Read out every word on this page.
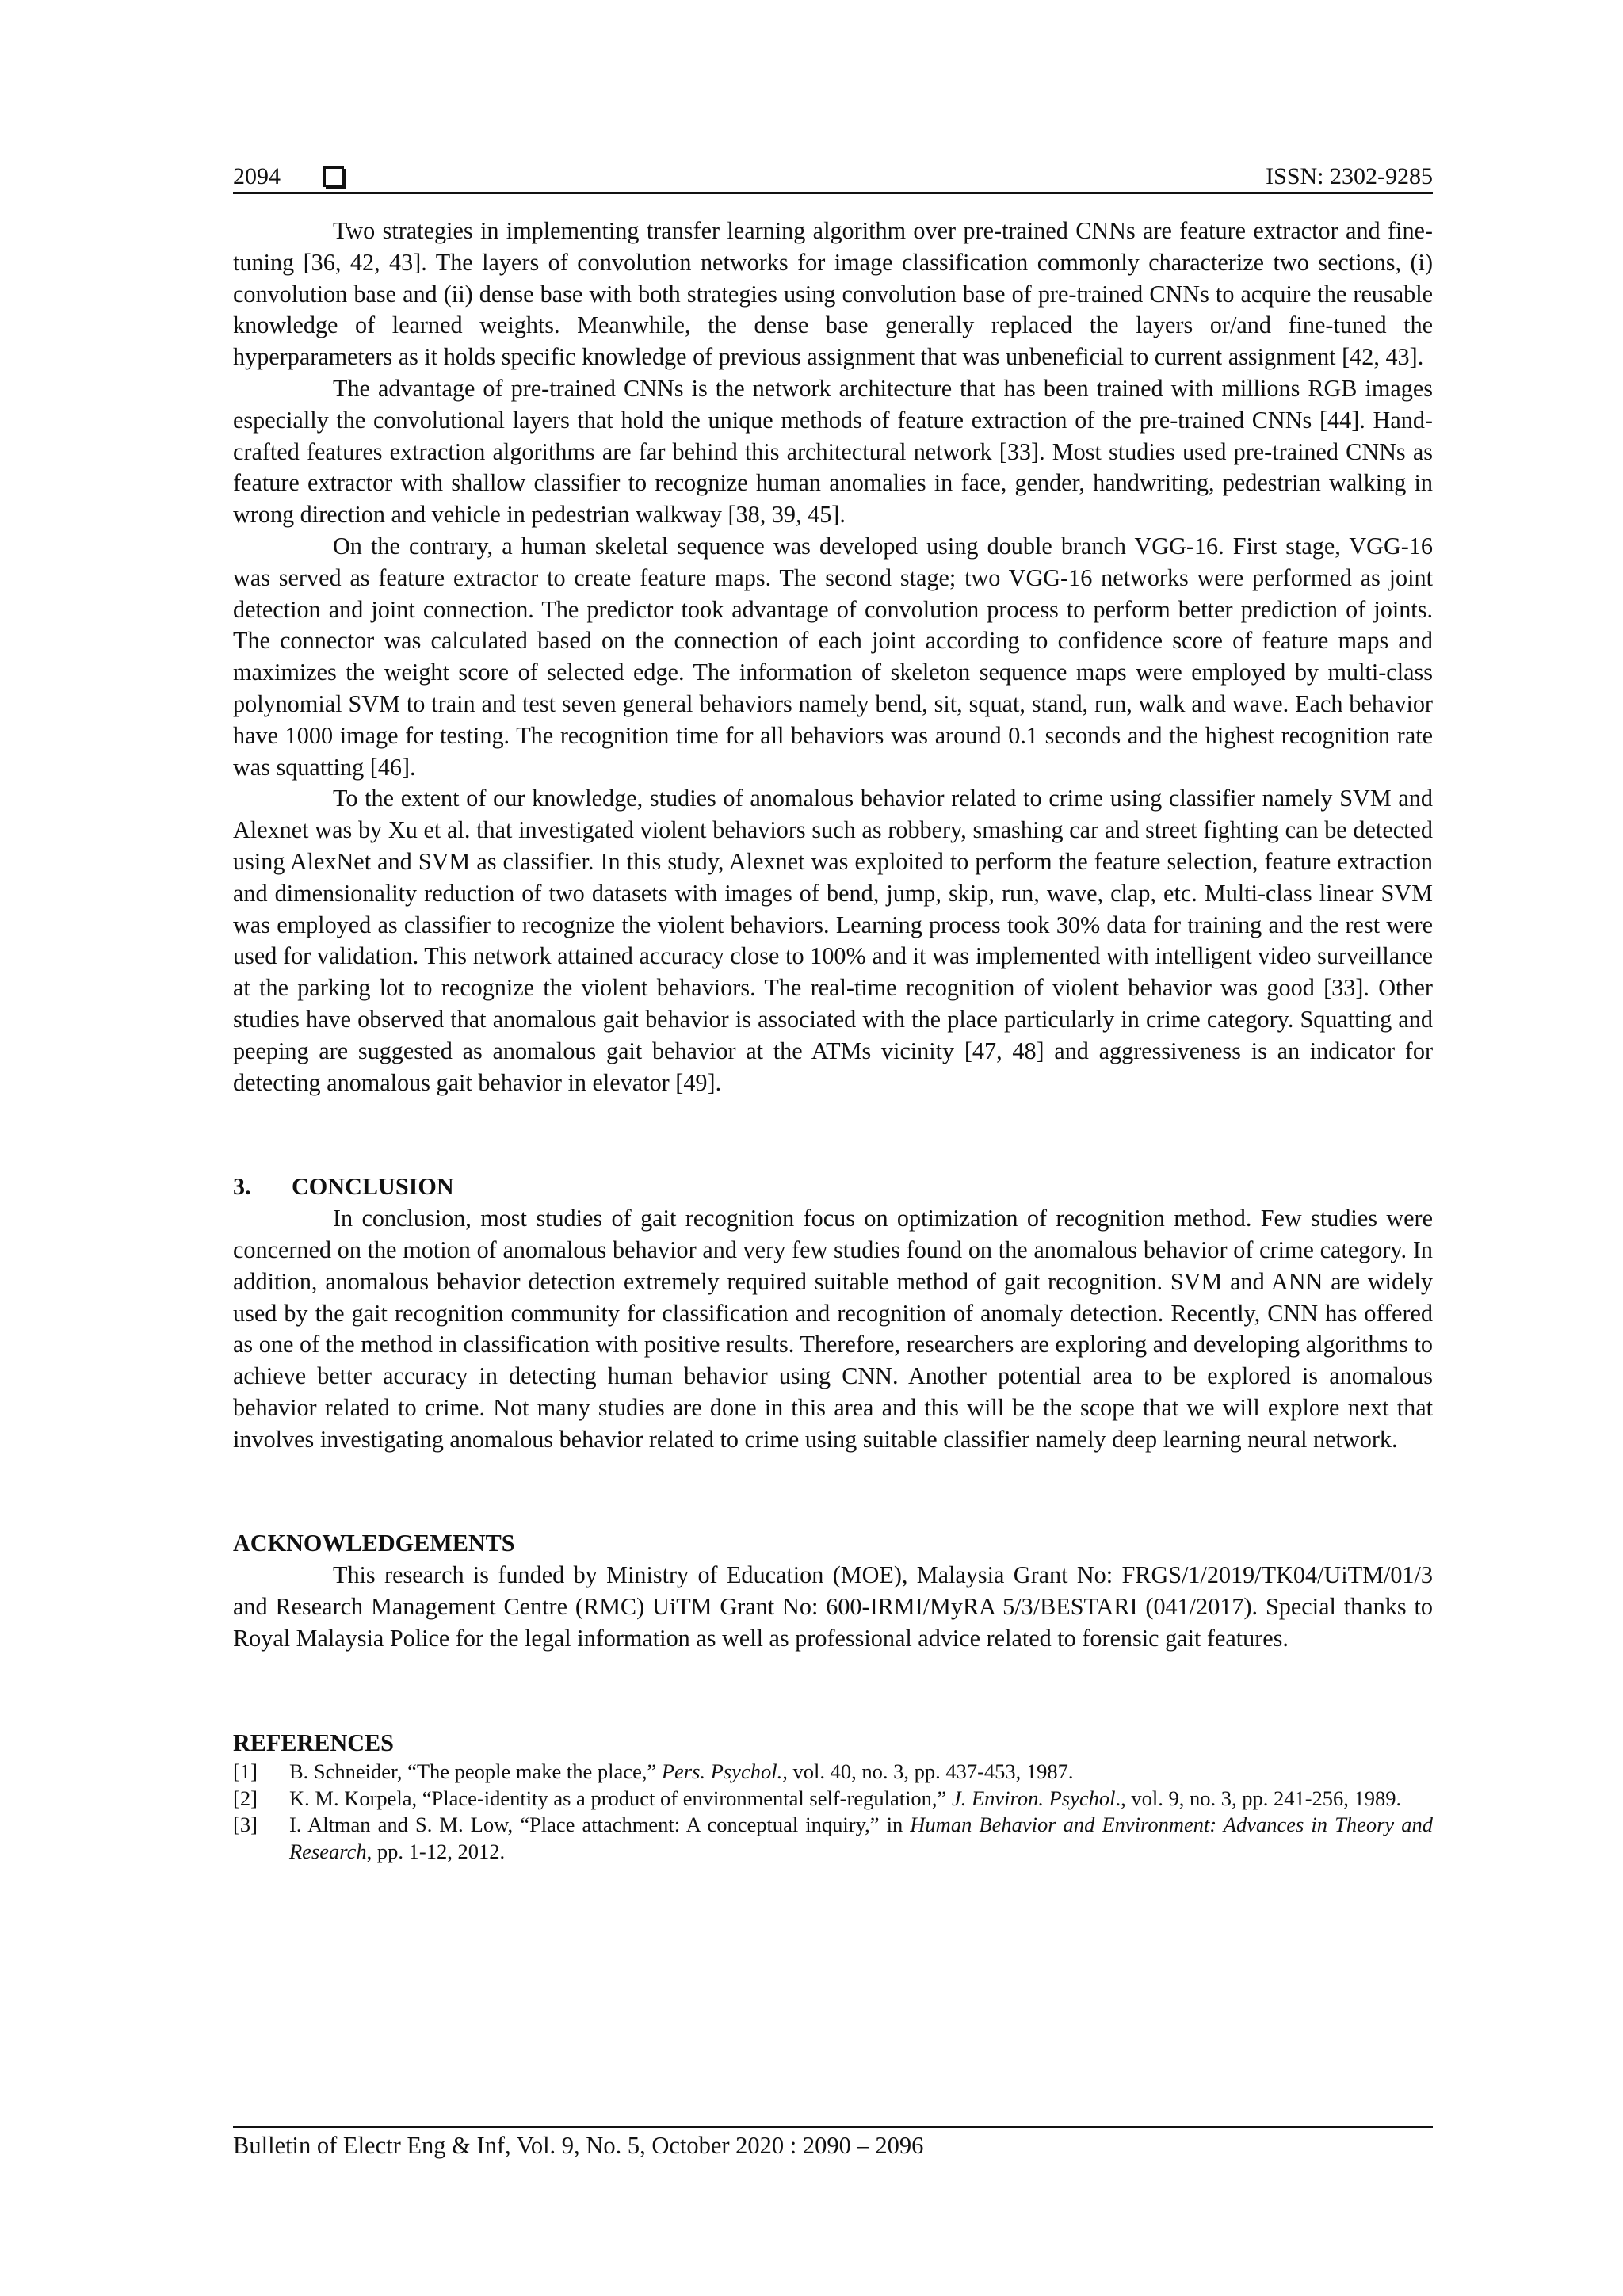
2094	ISSN: 2302-9285

Two strategies in implementing transfer learning algorithm over pre-trained CNNs are feature extractor and fine-tuning [36, 42, 43]. The layers of convolution networks for image classification commonly characterize two sections, (i) convolution base and (ii) dense base with both strategies using convolution base of pre-trained CNNs to acquire the reusable knowledge of learned weights. Meanwhile, the dense base generally replaced the layers or/and fine-tuned the hyperparameters as it holds specific knowledge of previous assignment that was unbeneficial to current assignment [42, 43].

The advantage of pre-trained CNNs is the network architecture that has been trained with millions RGB images especially the convolutional layers that hold the unique methods of feature extraction of the pre-trained CNNs [44]. Hand-crafted features extraction algorithms are far behind this architectural network [33]. Most studies used pre-trained CNNs as feature extractor with shallow classifier to recognize human anomalies in face, gender, handwriting, pedestrian walking in wrong direction and vehicle in pedestrian walkway [38, 39, 45].

On the contrary, a human skeletal sequence was developed using double branch VGG-16. First stage, VGG-16 was served as feature extractor to create feature maps. The second stage; two VGG-16 networks were performed as joint detection and joint connection. The predictor took advantage of convolution process to perform better prediction of joints. The connector was calculated based on the connection of each joint according to confidence score of feature maps and maximizes the weight score of selected edge. The information of skeleton sequence maps were employed by multi-class polynomial SVM to train and test seven general behaviors namely bend, sit, squat, stand, run, walk and wave. Each behavior have 1000 image for testing. The recognition time for all behaviors was around 0.1 seconds and the highest recognition rate was squatting [46].

To the extent of our knowledge, studies of anomalous behavior related to crime using classifier namely SVM and Alexnet was by Xu et al. that investigated violent behaviors such as robbery, smashing car and street fighting can be detected using AlexNet and SVM as classifier. In this study, Alexnet was exploited to perform the feature selection, feature extraction and dimensionality reduction of two datasets with images of bend, jump, skip, run, wave, clap, etc. Multi-class linear SVM was employed as classifier to recognize the violent behaviors. Learning process took 30% data for training and the rest were used for validation. This network attained accuracy close to 100% and it was implemented with intelligent video surveillance at the parking lot to recognize the violent behaviors. The real-time recognition of violent behavior was good [33]. Other studies have observed that anomalous gait behavior is associated with the place particularly in crime category. Squatting and peeping are suggested as anomalous gait behavior at the ATMs vicinity [47, 48] and aggressiveness is an indicator for detecting anomalous gait behavior in elevator [49].

3. CONCLUSION

In conclusion, most studies of gait recognition focus on optimization of recognition method. Few studies were concerned on the motion of anomalous behavior and very few studies found on the anomalous behavior of crime category. In addition, anomalous behavior detection extremely required suitable method of gait recognition. SVM and ANN are widely used by the gait recognition community for classification and recognition of anomaly detection. Recently, CNN has offered as one of the method in classification with positive results. Therefore, researchers are exploring and developing algorithms to achieve better accuracy in detecting human behavior using CNN. Another potential area to be explored is anomalous behavior related to crime. Not many studies are done in this area and this will be the scope that we will explore next that involves investigating anomalous behavior related to crime using suitable classifier namely deep learning neural network.

ACKNOWLEDGEMENTS

This research is funded by Ministry of Education (MOE), Malaysia Grant No: FRGS/1/2019/TK04/UiTM/01/3 and Research Management Centre (RMC) UiTM Grant No: 600-IRMI/MyRA 5/3/BESTARI (041/2017). Special thanks to Royal Malaysia Police for the legal information as well as professional advice related to forensic gait features.

REFERENCES
[1]	B. Schneider, “The people make the place,” Pers. Psychol., vol. 40, no. 3, pp. 437-453, 1987.
[2]	K. M. Korpela, “Place-identity as a product of environmental self-regulation,” J. Environ. Psychol., vol. 9, no. 3, pp. 241-256, 1989.
[3]	I. Altman and S. M. Low, “Place attachment: A conceptual inquiry,” in Human Behavior and Environment: Advances in Theory and Research, pp. 1-12, 2012.
Bulletin of Electr Eng & Inf, Vol. 9, No. 5, October 2020 : 2090 – 2096
